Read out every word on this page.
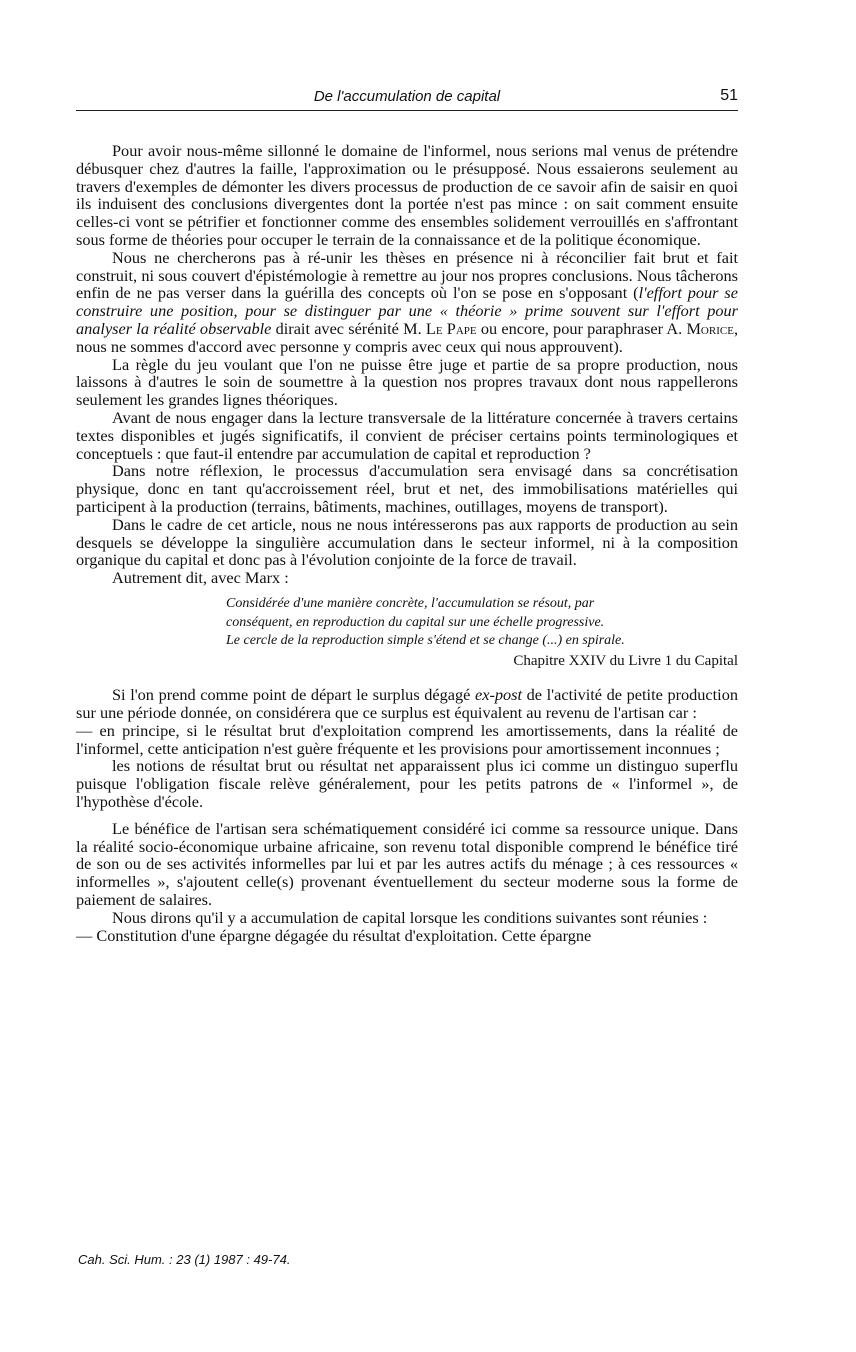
De l'accumulation de capital	51

Pour avoir nous-même sillonné le domaine de l'informel, nous serions mal venus de prétendre débusquer chez d'autres la faille, l'approximation ou le présupposé. Nous essaierons seulement au travers d'exemples de démonter les divers processus de production de ce savoir afin de saisir en quoi ils induisent des conclusions divergentes dont la portée n'est pas mince : on sait comment ensuite celles-ci vont se pétrifier et fonctionner comme des ensembles solidement verrouillés en s'affrontant sous forme de théories pour occuper le terrain de la connaissance et de la politique économique.

Nous ne chercherons pas à ré-unir les thèses en présence ni à réconcilier fait brut et fait construit, ni sous couvert d'épistémologie à remettre au jour nos propres conclusions. Nous tâcherons enfin de ne pas verser dans la guérilla des concepts où l'on se pose en s'opposant (l'effort pour se construire une position, pour se distinguer par une « théorie » prime souvent sur l'effort pour analyser la réalité observable dirait avec sérénité M. Le Pape ou encore, pour paraphraser A. Morice, nous ne sommes d'accord avec personne y compris avec ceux qui nous approuvent).

La règle du jeu voulant que l'on ne puisse être juge et partie de sa propre production, nous laissons à d'autres le soin de soumettre à la question nos propres travaux dont nous rappellerons seulement les grandes lignes théoriques.

Avant de nous engager dans la lecture transversale de la littérature concernée à travers certains textes disponibles et jugés significatifs, il convient de préciser certains points terminologiques et conceptuels : que faut-il entendre par accumulation de capital et reproduction ?

Dans notre réflexion, le processus d'accumulation sera envisagé dans sa concrétisation physique, donc en tant qu'accroissement réel, brut et net, des immobilisations matérielles qui participent à la production (terrains, bâtiments, machines, outillages, moyens de transport).

Dans le cadre de cet article, nous ne nous intéresserons pas aux rapports de production au sein desquels se développe la singulière accumulation dans le secteur informel, ni à la composition organique du capital et donc pas à l'évolution conjointe de la force de travail.

Autrement dit, avec Marx :

Considérée d'une manière concrète, l'accumulation se résout, par
conséquent, en reproduction du capital sur une échelle progressive.
Le cercle de la reproduction simple s'étend et se change (...) en spirale.
Chapitre XXIV du Livre 1 du Capital

Si l'on prend comme point de départ le surplus dégagé ex-post de l'activité de petite production sur une période donnée, on considérera que ce surplus est équivalent au revenu de l'artisan car :

— en principe, si le résultat brut d'exploitation comprend les amortissements, dans la réalité de l'informel, cette anticipation n'est guère fréquente et les provisions pour amortissement inconnues ;

les notions de résultat brut ou résultat net apparaissent plus ici comme un distinguo superflu puisque l'obligation fiscale relève généralement, pour les petits patrons de « l'informel », de l'hypothèse d'école.

Le bénéfice de l'artisan sera schématiquement considéré ici comme sa ressource unique. Dans la réalité socio-économique urbaine africaine, son revenu total disponible comprend le bénéfice tiré de son ou de ses activités informelles par lui et par les autres actifs du ménage ; à ces ressources « informelles », s'ajoutent celle(s) provenant éventuellement du secteur moderne sous la forme de paiement de salaires.

Nous dirons qu'il y a accumulation de capital lorsque les conditions suivantes sont réunies :

— Constitution d'une épargne dégagée du résultat d'exploitation. Cette épargne

Cah. Sci. Hum. : 23 (1) 1987 : 49-74.
